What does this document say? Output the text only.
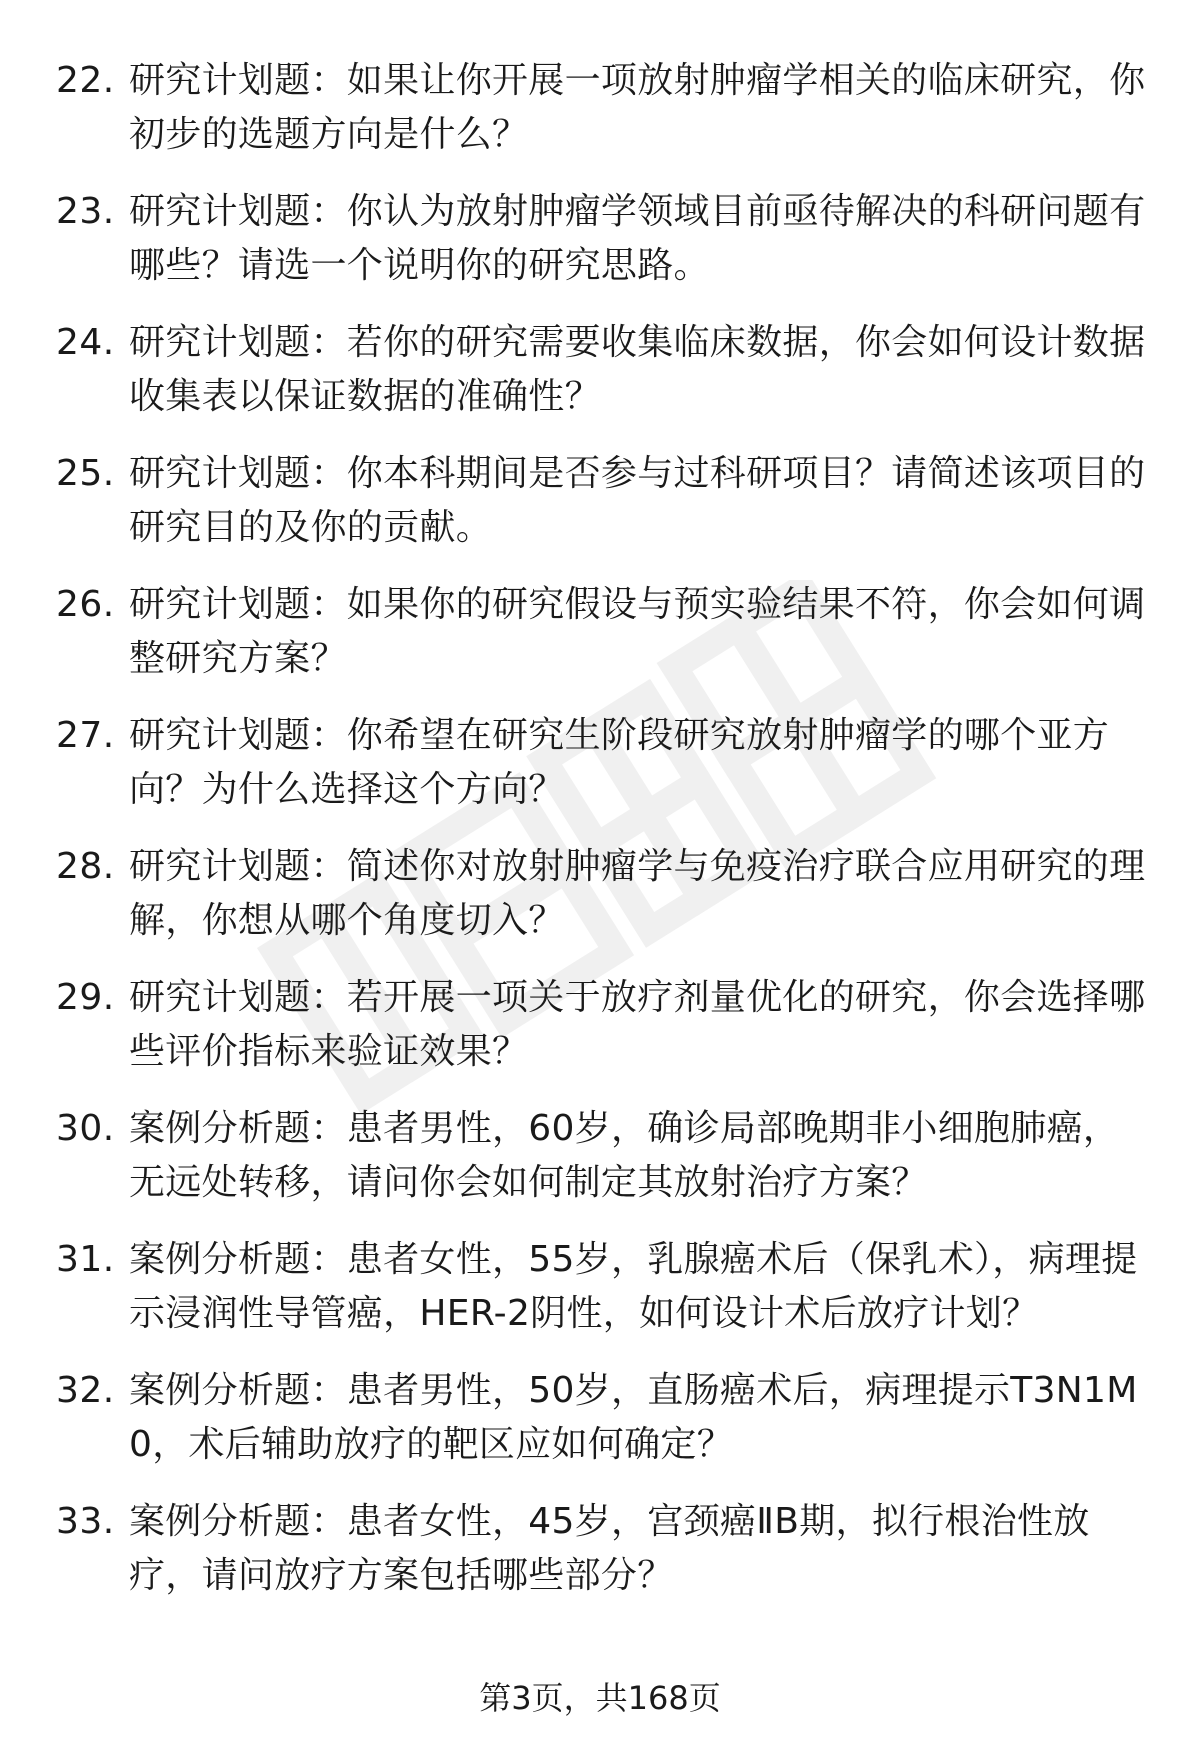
22. 研究计划题：如果让你开展一项放射肿瘤学相关的临床研究，你初步的选题方向是什么？
23. 研究计划题：你认为放射肿瘤学领域目前亟待解决的科研问题有哪些？请选一个说明你的研究思路。
24. 研究计划题：若你的研究需要收集临床数据，你会如何设计数据收集表以保证数据的准确性？
25. 研究计划题：你本科期间是否参与过科研项目？请简述该项目的研究目的及你的贡献。
26. 研究计划题：如果你的研究假设与预实验结果不符，你会如何调整研究方案？
27. 研究计划题：你希望在研究生阶段研究放射肿瘤学的哪个亚方向？为什么选择这个方向？
28. 研究计划题：简述你对放射肿瘤学与免疫治疗联合应用研究的理解，你想从哪个角度切入？
29. 研究计划题：若开展一项关于放疗剂量优化的研究，你会选择哪些评价指标来验证效果？
30. 案例分析题：患者男性，60岁，确诊局部晚期非小细胞肺癌，无远处转移，请问你会如何制定其放射治疗方案？
31. 案例分析题：患者女性，55岁，乳腺癌术后（保乳术），病理提示浸润性导管癌，HER-2阴性，如何设计术后放疗计划？
32. 案例分析题：患者男性，50岁，直肠癌术后，病理提示T3N1M0，术后辅助放疗的靶区应如何确定？
33. 案例分析题：患者女性，45岁，宫颈癌ⅡB期，拟行根治性放疗，请问放疗方案包括哪些部分？
第3页，共168页
